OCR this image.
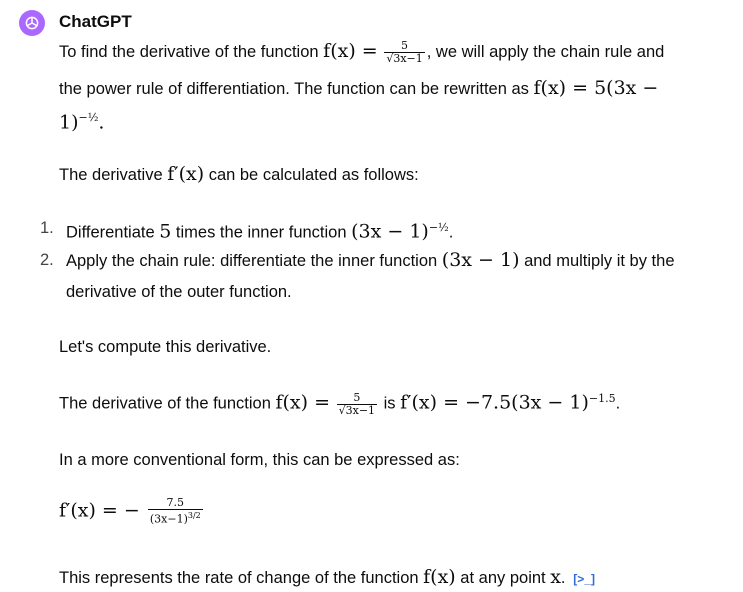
ChatGPT
To find the derivative of the function $f(x) = \frac{5}{√3x-1}$ , we will apply the chain rule and
the power rule of differentiation. The function can be rewritten as f(x) = 5(3x −
1)$^{-\frac{1}{2}}$.
The derivative f′(x) can be calculated as follows:
1. Differentiate 5 times the inner function $(3x - 1)^{-\frac{1}{2}}$.
2. Apply the chain rule: differentiate the inner function (3x − 1) and multiply it by the
derivative of the outer function.
Let's compute this derivative.
The derivative of the function $f(x) = \frac{5}{√3x-1}$ is $f'(x) = -7.5(3x - 1)^{-1.5}$.
In a more conventional form, this can be expressed as:
f′(x) = − $\frac{7.5}{(3x-1)^{3/2}}$
This represents the rate of change of the function f(x) at any point x. [>_]
